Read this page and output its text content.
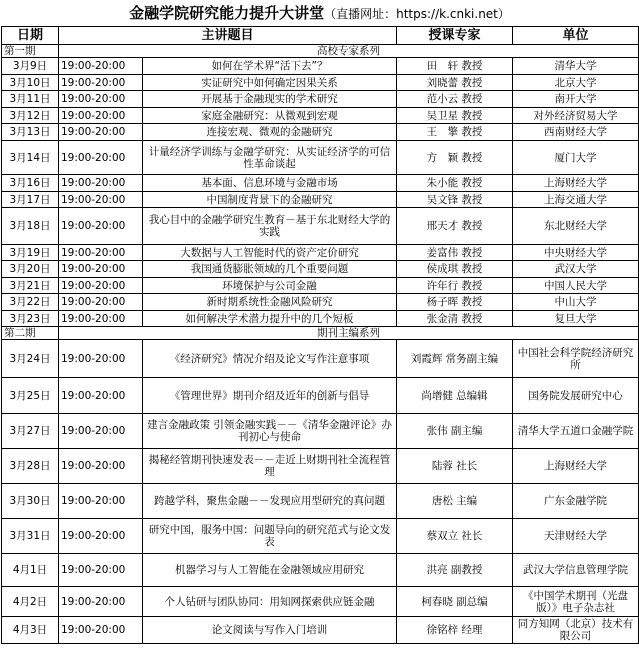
金融学院研究能力提升大讲堂（直播网址：https://k.cnki.net）
日期	主讲题目		授课专家	单位
第一期	高校专家系列			
3月9日	19:00-20:00	如何在学术界“活下去”？	田　轩 教授	清华大学
3月10日	19:00-20:00	实证研究中如何确定因果关系	刘晓蕾 教授	北京大学
3月11日	19:00-20:00	开展基于金融现实的学术研究	范小云 教授	南开大学
3月12日	19:00-20:00	家庭金融研究：从微观到宏观	吴卫星 教授	对外经济贸易大学
3月13日	19:00-20:00	连接宏观、微观的金融研究	王　擎 教授	西南财经大学
3月14日	19:00-20:00	计量经济学训练与金融学研究：从实证经济学的可信性革命谈起	方　颖 教授	厦门大学
3月16日	19:00-20:00	基本面、信息环境与金融市场	朱小能 教授	上海财经大学
3月17日	19:00-20:00	中国制度背景下的金融研究	吴文锋 教授	上海交通大学
3月18日	19:00-20:00	我心目中的金融学研究生教育－基于东北财经大学的实践	邢天才 教授	东北财经大学
3月19日	19:00-20:00	大数据与人工智能时代的资产定价研究	姜富伟 教授	中央财经大学
3月20日	19:00-20:00	我国通货膨胀领域的几个重要问题	侯成琪 教授	武汉大学
3月21日	19:00-20:00	环境保护与公司金融	许年行 教授	中国人民大学
3月22日	19:00-20:00	新时期系统性金融风险研究	杨子晖 教授	中山大学
3月23日	19:00-20:00	如何解决学术潜力提升中的几个短板	张金清 教授	复旦大学
第二期	期刊主编系列			
3月24日	19:00-20:00	《经济研究》情况介绍及论文写作注意事项	刘霞辉 常务副主编	中国社会科学院经济研究所
3月25日	19:00-20:00	《管理世界》期刊介绍及近年的创新与倡导	尚增健 总编辑	国务院发展研究中心
3月27日	19:00-20:00	建言金融政策 引领金融实践－－《清华金融评论》办刊初心与使命	张伟 副主编	清华大学五道口金融学院
3月28日	19:00-20:00	揭秘经管期刊快速发表－－走近上财期刊社全流程管理	陆蓉 社长	上海财经大学
3月30日	19:00-20:00	跨越学科，聚焦金融－－发现应用型研究的真问题	唐松 主编	广东金融学院
3月31日	19:00-20:00	研究中国，服务中国：问题导向的研究范式与论文发表	蔡双立 社长	天津财经大学
4月1日	19:00-20:00	机器学习与人工智能在金融领域应用研究	洪亮 副教授	武汉大学信息管理学院
4月2日	19:00-20:00	个人钻研与团队协同：用知网探索供应链金融	柯春晓 副总编	《中国学术期刊（光盘版）》电子杂志社
4月3日	19:00-20:00	论文阅读与写作入门培训	徐铭梓 经理	同方知网（北京）技术有限公司
